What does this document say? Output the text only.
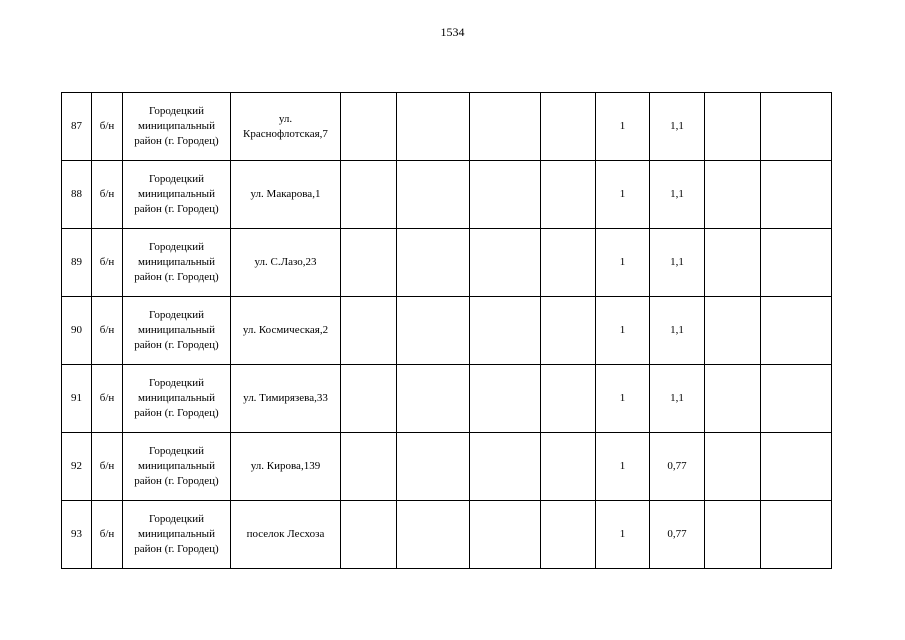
1534
87	б/н	Городецкий
миниципальный
район (г. Городец)	ул.
Краснофлотская,7					1	1,1		
88	б/н	Городецкий
миниципальный
район (г. Городец)	ул. Макарова,1					1	1,1		
89	б/н	Городецкий
миниципальный
район (г. Городец)	ул. С.Лазо,23					1	1,1		
90	б/н	Городецкий
миниципальный
район (г. Городец)	ул. Космическая,2					1	1,1		
91	б/н	Городецкий
миниципальный
район (г. Городец)	ул. Тимирязева,33					1	1,1		
92	б/н	Городецкий
миниципальный
район (г. Городец)	ул. Кирова,139					1	0,77		
93	б/н	Городецкий
миниципальный
район (г. Городец)	поселок Лесхоза					1	0,77		
